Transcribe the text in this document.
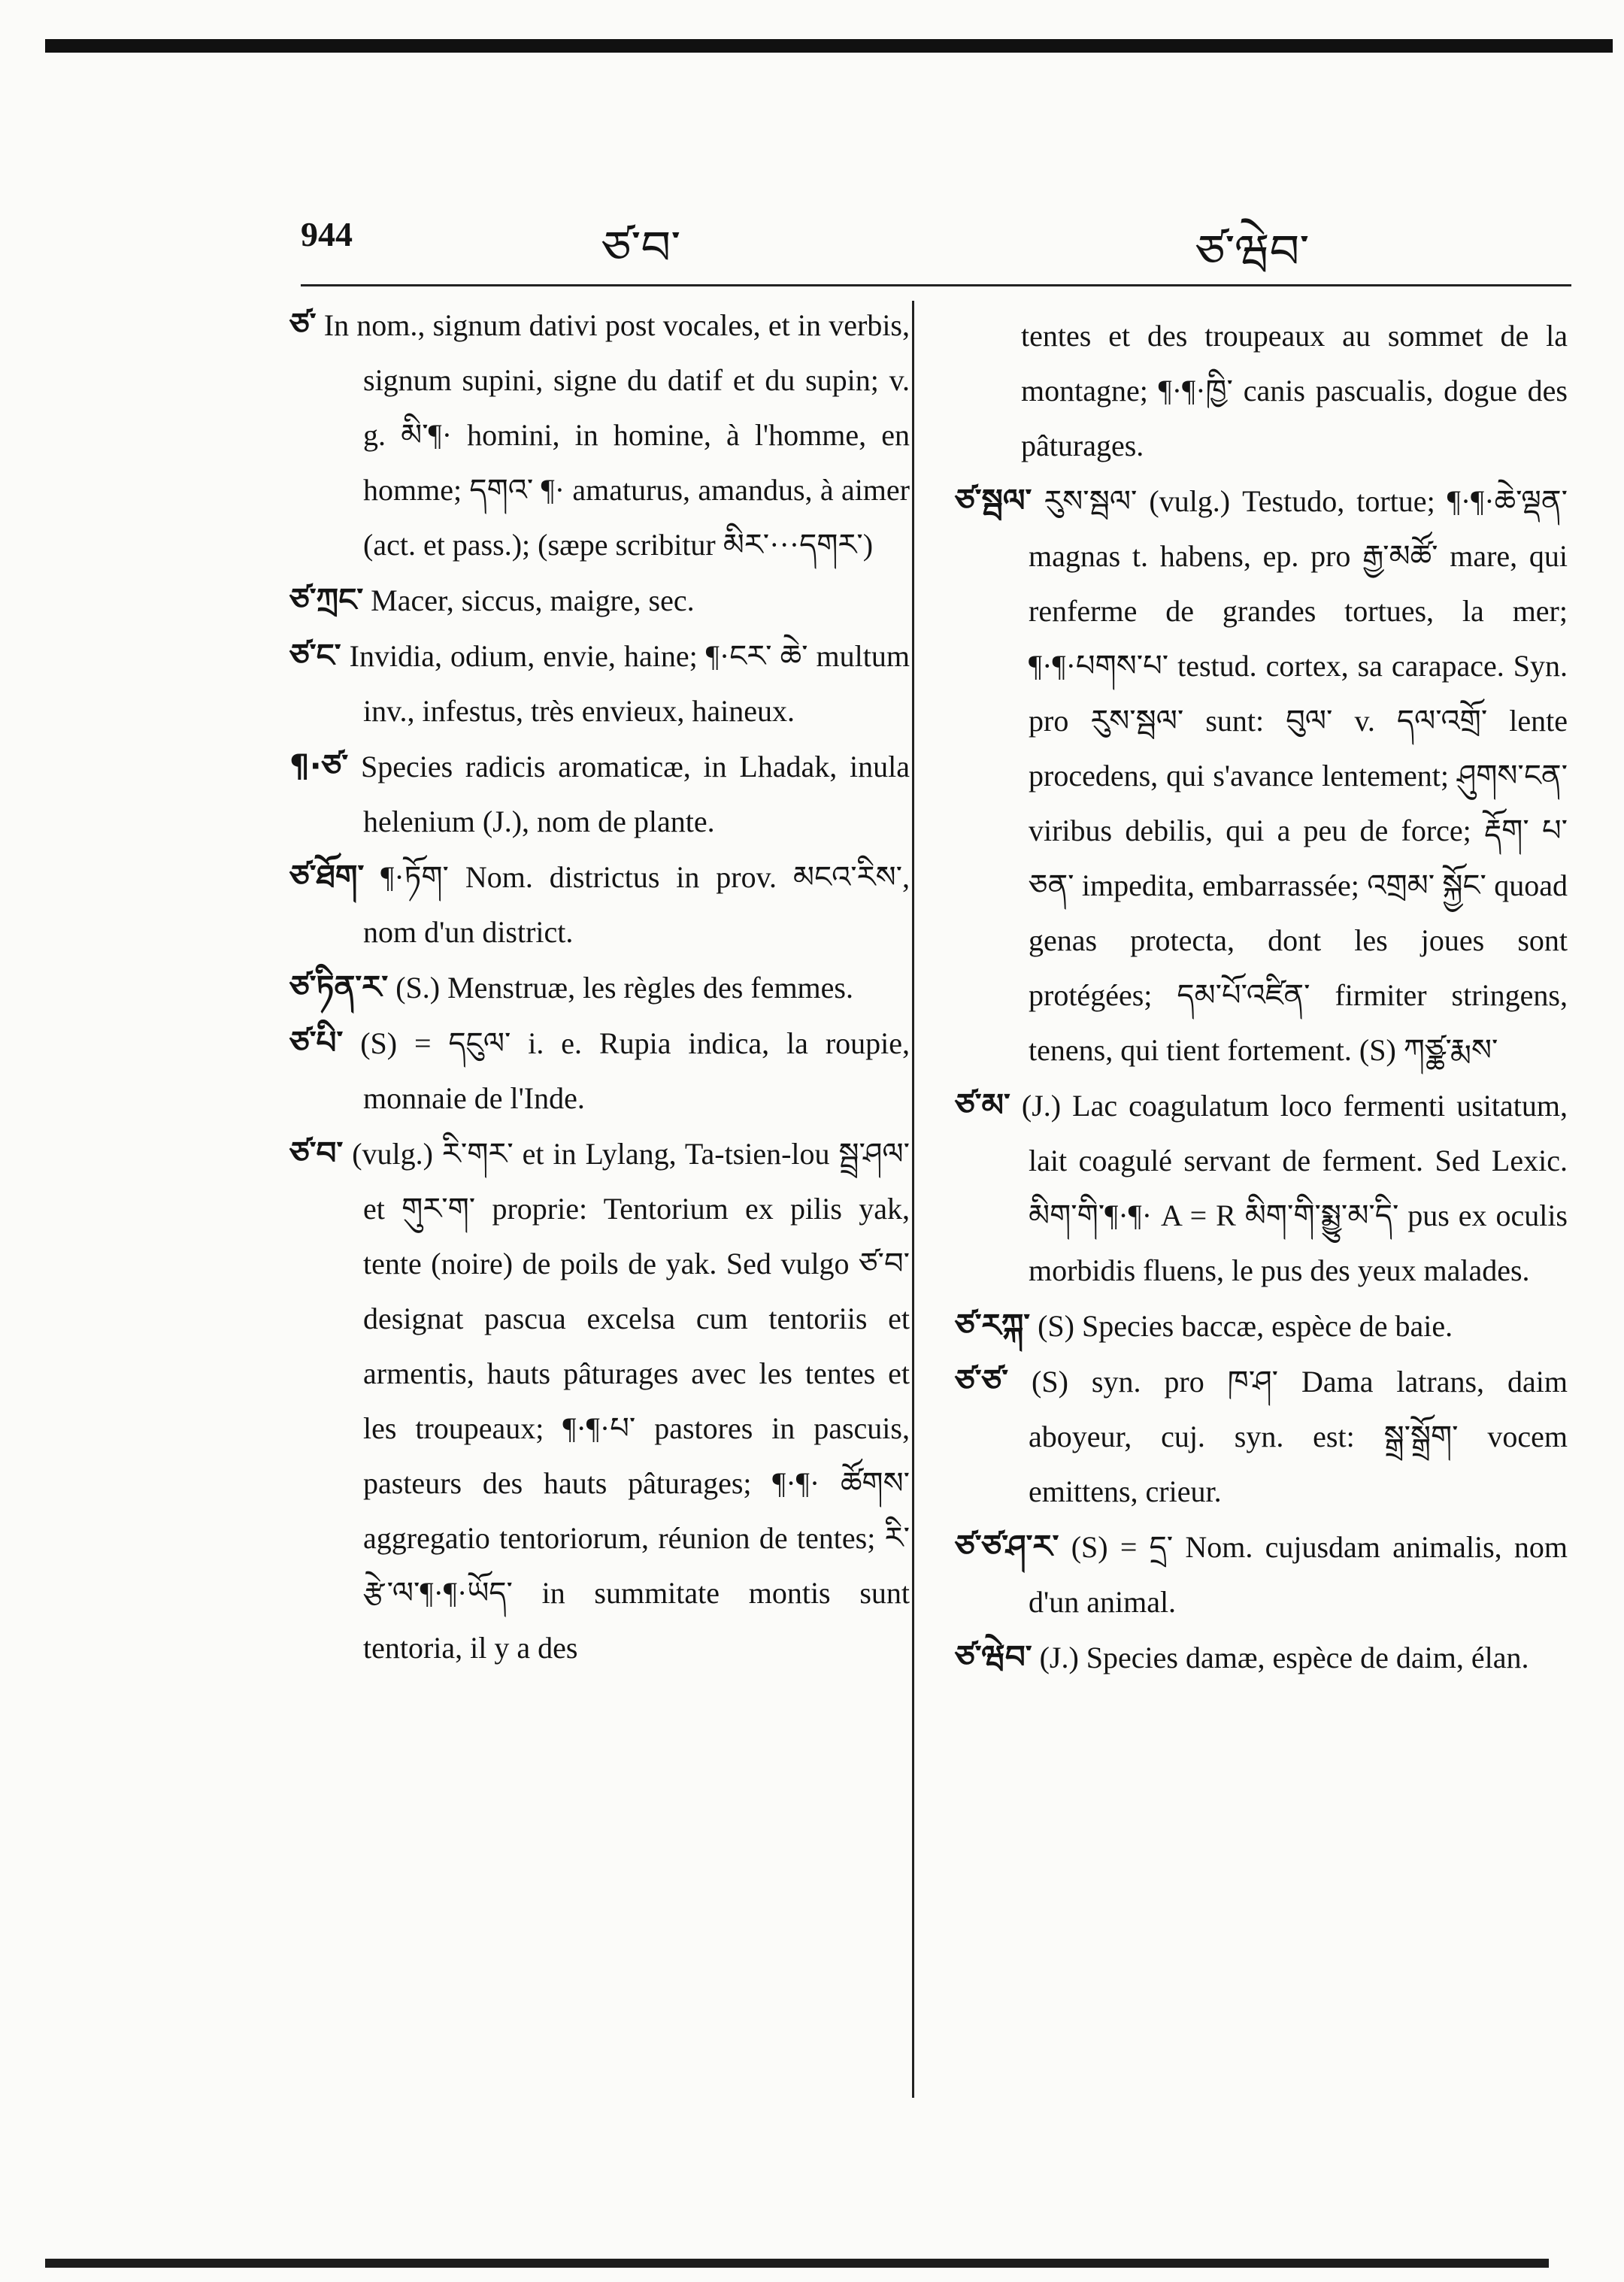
944	ཙ་བ་	ཙ་ཝེབ་

ཙ་ In nom., signum dativi post vocales, et in verbis, signum supini, signe du datif et du supin; v. g. མི་¶· homini, in homine, à l'homme, en homme; དགའ་ ¶· amaturus, amandus, à aimer (act. et pass.); (sæpe scribitur མིར་···དགར་)

ཙ་ཀྲང་ Macer, siccus, maigre, sec.

ཙ་ང་ Invidia, odium, envie, haine; ¶·ངར་ ཆེ་ multum inv., infestus, très envieux, haineux.

¶·ཙ་ Species radicis aromaticæ, in Lhadak, inula helenium (J.), nom de plante.

ཙ་ཐོག་ ¶·ཏོག་ Nom. districtus in prov. མངའ་རིས་, nom d'un district.

ཙ་ཏིན་ར་ (S.) Menstruæ, les règles des femmes.

ཙ་པི་ (S) = དངུལ་ i. e. Rupia indica, la roupie, monnaie de l'Inde.

ཙ་བ་ (vulg.) རི་གར་ et in Lylang, Ta-tsien-lou སྦྲ་ཤལ་ et གུར་ག་ proprie: Tentorium ex pilis yak, tente (noire) de poils de yak. Sed vulgo ཙ་བ་ designat pascua excelsa cum tentoriis et armentis, hauts pâturages avec les tentes et les troupeaux; ¶·¶·པ་ pastores in pascuis, pasteurs des hauts pâturages; ¶·¶· ཚོགས་ aggregatio tentoriorum, réunion de tentes; རི་རྩེ་ལ་¶·¶·ཡོད་ in summitate montis sunt tentoria, il y a des

tentes et des troupeaux au sommet de la montagne; ¶·¶·ཁྱི་ canis pascualis, dogue des pâturages.

ཙ་སྦལ་ རུས་སྦལ་ (vulg.) Testudo, tortue; ¶·¶·ཆེ་ལྡན་ magnas t. habens, ep. pro རྒྱ་མཚོ་ mare, qui renferme de grandes tortues, la mer; ¶·¶·པགས་པ་ testud. cortex, sa carapace. Syn. pro རུས་སྦལ་ sunt: བུལ་ v. དལ་འགྲོ་ lente procedens, qui s'avance lentement; ཤུགས་ངན་ viribus debilis, qui a peu de force; རྡོག་ པ་ཅན་ impedita, embarrassée; འགྲམ་ སྐྱོང་ quoad genas protecta, dont les joues sont protégées; དམ་པོ་འཛིན་ firmiter stringens, tenens, qui tient fortement. (S) ཀཙྪ་རྨས་

ཙ་མ་ (J.) Lac coagulatum loco fermenti usitatum, lait coagulé servant de ferment. Sed Lexic. མིག་གི་¶·¶· A = R མིག་གི་སྨྱུ་མ་དི་ pus ex oculis morbidis fluens, le pus des yeux malades.

ཙ་རཀྐ་ (S) Species baccæ, espèce de baie.

ཙ་ཙ་ (S) syn. pro ཁ་ཤ་ Dama latrans, daim aboyeur, cuj. syn. est: སྒྲ་སྒྲོག་ vocem emittens, crieur.

ཙ་ཙ་ཤ་ར་ (S) = དྲ་ Nom. cujusdam animalis, nom d'un animal.

ཙ་ཝེབ་ (J.) Species damæ, espèce de daim, élan.
